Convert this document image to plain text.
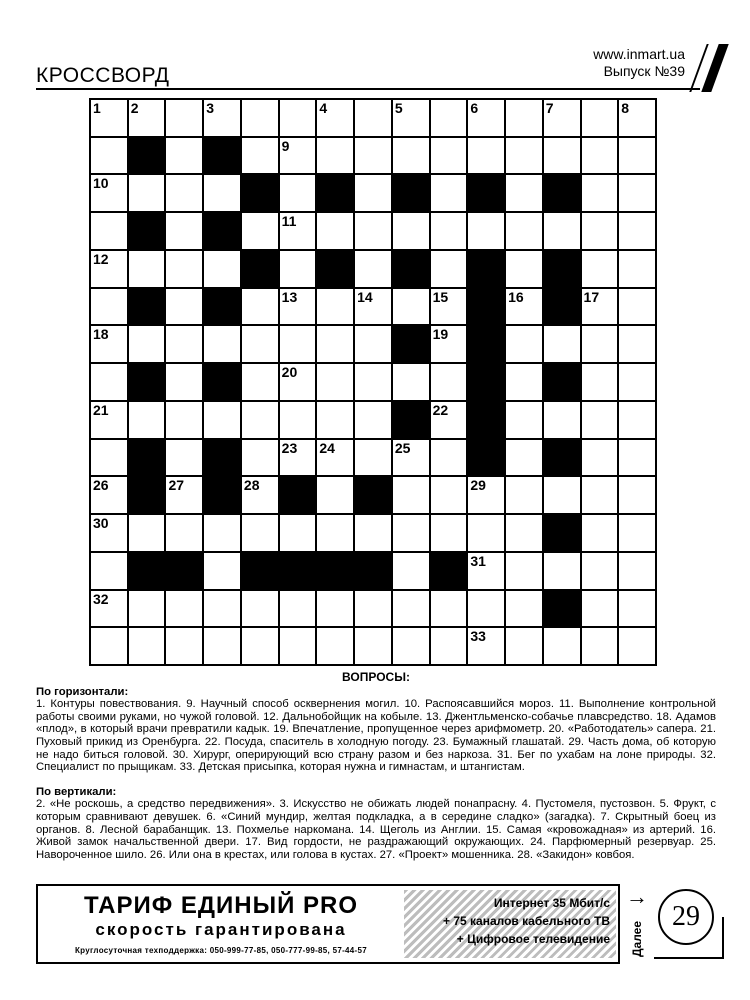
www.inmart.ua
Выпуск №39
КРОССВОРД
1 2	3	4	5	6	7	8
9
10
11
12
13	14	15	16	17
18	19
20
21	22
23 24	25
26	27	28	29
30
31
32
33
ВОПРОСЫ:
По горизонтали:
1. Контуры повествования. 9. Научный способ осквернения могил. 10. Распоясавшийся мороз. 11. Выполнение контрольной работы своими руками, но чужой головой. 12. Дальнобойщик на кобыле. 13. Джентльменско-собачье плавсредство. 18. Адамов «плод», в который врачи превратили кадык. 19. Впечатление, пропущенное через арифмометр. 20. «Работодатель» сапера. 21. Пуховый прикид из Оренбурга. 22. Посуда, спаситель в холодную погоду. 23. Бумажный глашатай. 29. Часть дома, об которую не надо биться головой. 30. Хирург, оперирующий всю страну разом и без наркоза. 31. Бег по ухабам на лоне природы. 32. Специалист по прыщикам. 33. Детская присыпка, которая нужна и гимнастам, и штангистам.
По вертикали:
2. «Не роскошь, а средство передвижения». 3. Искусство не обижать людей понапрасну. 4. Пустомеля, пустозвон. 5. Фрукт, с которым сравнивают девушек. 6. «Синий мундир, желтая подкладка, а в середине сладко» (загадка). 7. Скрытный боец из органов. 8. Лесной барабанщик. 13. Похмелье наркомана. 14. Щеголь из Англии. 15. Самая «кровожадная» из артерий. 16. Живой замок начальственной двери. 17. Вид гордости, не раздражающий окружающих. 24. Парфюмерный резервуар. 25. Навороченное шило. 26. Или она в крестах, или голова в кустах. 27. «Проект» мошенника. 28. «Закидон» ковбоя.
ТАРИФ ЕДИНЫЙ PRO
скорость гарантирована
Круглосуточная техподдержка: 050-999-77-85, 050-777-99-85, 57-44-57
Интернет 35 Мбит/с
+ 75 каналов кабельного ТВ
+ Цифровое телевидение
→
Далее
29
